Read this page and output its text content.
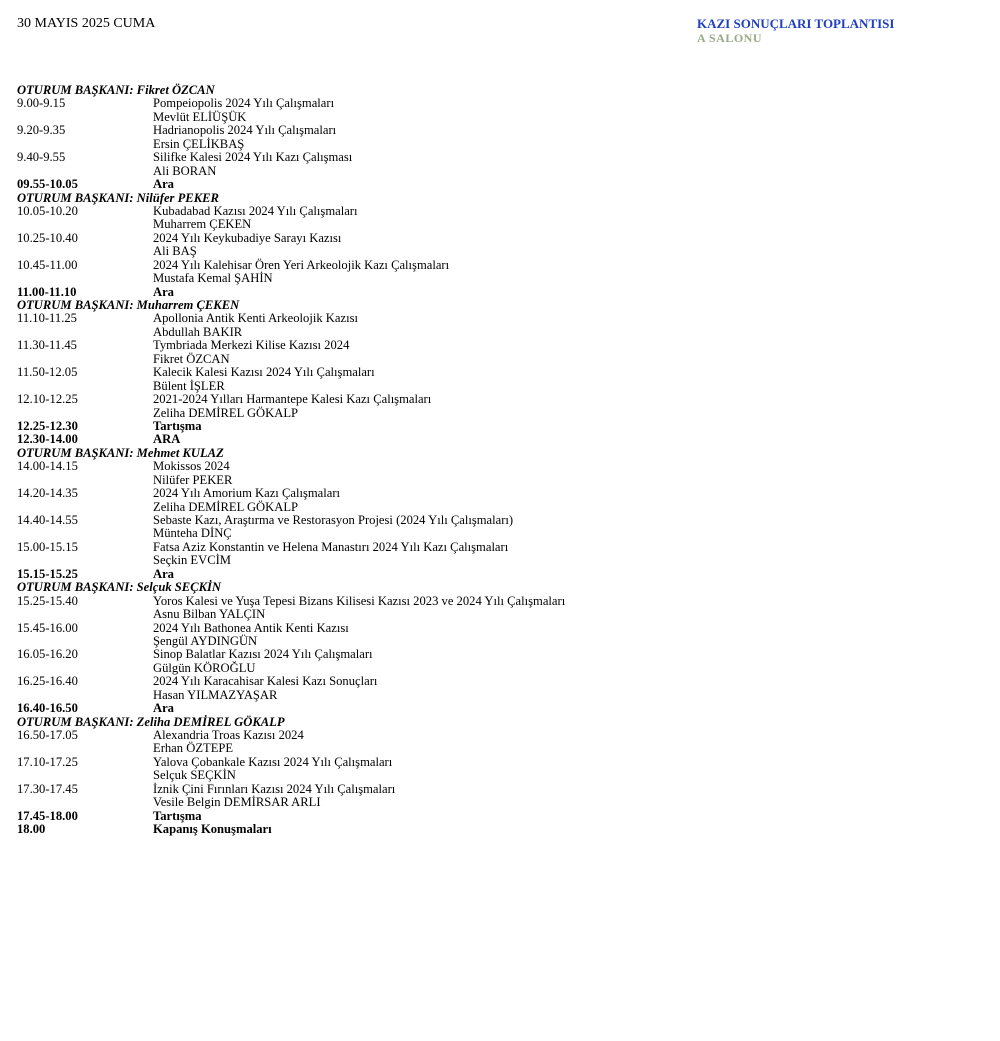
30 MAYIS 2025 CUMA	KAZI SONUÇLARI TOPLANTISI
A SALONU
OTURUM BAŞKANI: Fikret ÖZCAN
9.00-9.15	Pompeiopolis 2024 Yılı Çalışmaları
Mevlüt ELİÜŞÜK
9.20-9.35	Hadrianopolis 2024 Yılı Çalışmaları
Ersin ÇELİKBAŞ
9.40-9.55	Silifke Kalesi 2024 Yılı Kazı Çalışması
Ali BORAN
09.55-10.05	Ara
OTURUM BAŞKANI: Nilüfer PEKER
10.05-10.20	Kubadabad Kazısı 2024 Yılı Çalışmaları
Muharrem ÇEKEN
10.25-10.40	2024 Yılı Keykubadiye Sarayı Kazısı
Ali BAŞ
10.45-11.00	2024 Yılı Kalehisar Ören Yeri Arkeolojik Kazı Çalışmaları
Mustafa Kemal ŞAHİN
11.00-11.10	Ara
OTURUM BAŞKANI: Muharrem ÇEKEN
11.10-11.25	Apollonia Antik Kenti Arkeolojik Kazısı
Abdullah BAKIR
11.30-11.45	Tymbriada Merkezi Kilise Kazısı 2024
Fikret ÖZCAN
11.50-12.05	Kalecik Kalesi Kazısı 2024 Yılı Çalışmaları
Bülent İŞLER
12.10-12.25	2021-2024 Yılları Harmantepe Kalesi Kazı Çalışmaları
Zeliha DEMİREL GÖKALP
12.25-12.30	Tartışma
12.30-14.00	ARA
OTURUM BAŞKANI: Mehmet KULAZ
14.00-14.15	Mokissos 2024
Nilüfer PEKER
14.20-14.35	2024 Yılı Amorium Kazı Çalışmaları
Zeliha DEMİREL GÖKALP
14.40-14.55	Sebaste Kazı, Araştırma ve Restorasyon Projesi (2024 Yılı Çalışmaları)
Münteha DİNÇ
15.00-15.15	Fatsa Aziz Konstantin ve Helena Manastırı 2024 Yılı Kazı Çalışmaları
Seçkin EVCİM
15.15-15.25	Ara
OTURUM BAŞKANI: Selçuk SEÇKİN
15.25-15.40	Yoros Kalesi ve Yuşa Tepesi Bizans Kilisesi Kazısı 2023 ve 2024 Yılı Çalışmaları
Asnu Bilban YALÇIN
15.45-16.00	2024 Yılı Bathonea Antik Kenti Kazısı
Şengül AYDINGÜN
16.05-16.20	Sinop Balatlar Kazısı 2024 Yılı Çalışmaları
Gülgün KÖROĞLU
16.25-16.40	2024 Yılı Karacahisar Kalesi Kazı Sonuçları
Hasan YILMAZYAŞAR
16.40-16.50	Ara
OTURUM BAŞKANI: Zeliha DEMİREL GÖKALP
16.50-17.05	Alexandria Troas Kazısı 2024
Erhan ÖZTEPE
17.10-17.25	Yalova Çobankale Kazısı 2024 Yılı Çalışmaları
Selçuk SEÇKİN
17.30-17.45	İznik Çini Fırınları Kazısı 2024 Yılı Çalışmaları
Vesile Belgin DEMİRSAR ARLI
17.45-18.00	Tartışma
18.00	Kapanış Konuşmaları
